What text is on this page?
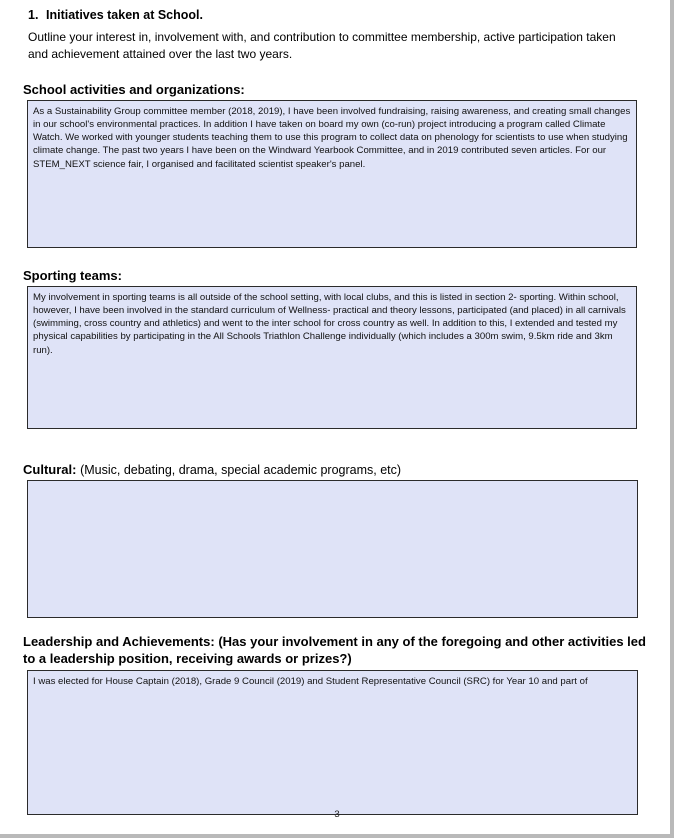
1. Initiatives taken at School.

Outline your interest in, involvement with, and contribution to committee membership, active participation taken and achievement attained over the last two years.

School activities and organizations:

As a Sustainability Group committee member (2018, 2019), I have been involved fundraising, raising awareness, and creating small changes in our school's environmental practices. In addition I have taken on board my own (co-run) project introducing a program called Climate Watch. We worked with younger students teaching them to use this program to collect data on phenology for scientists to use when studying climate change. The past two years I have been on the Windward Yearbook Committee, and in 2019 contributed seven articles. For our STEM_NEXT science fair, I organised and facilitated scientist speaker's panel.

Sporting teams:

My involvement in sporting teams is all outside of the school setting, with local clubs, and this is listed in section 2- sporting. Within school, however, I have been involved in the standard curriculum of Wellness- practical and theory lessons, participated (and placed) in all carnivals (swimming, cross country and athletics) and went to the inter school for cross country as well. In addition to this, I extended and tested my physical capabilities by participating in the All Schools Triathlon Challenge individually (which includes a 300m swim, 9.5km ride and 3km run).

Cultural: (Music, debating, drama, special academic programs, etc)

Leadership and Achievements: (Has your involvement in any of the foregoing and other activities led to a leadership position, receiving awards or prizes?)

I was elected for House Captain (2018), Grade 9 Council (2019) and Student Representative Council (SRC) for Year 10 and part of

3
